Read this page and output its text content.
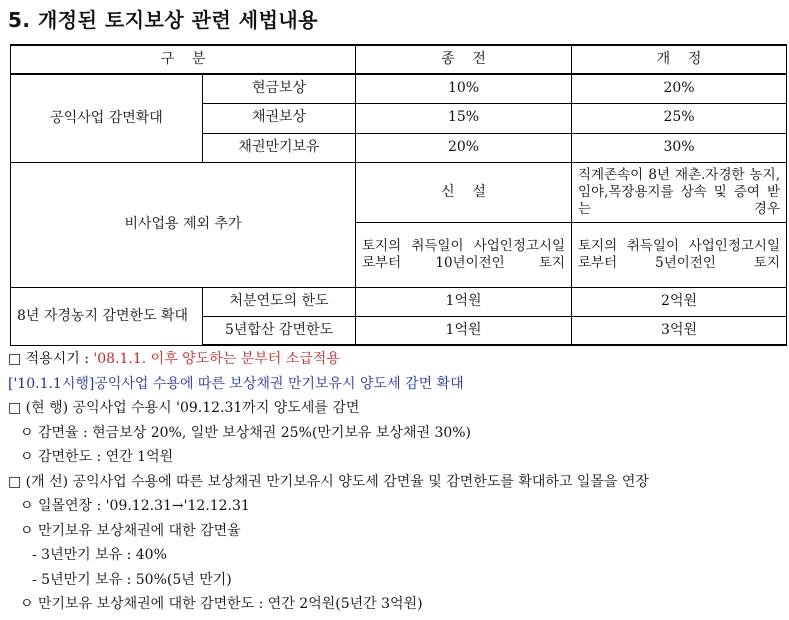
5. 개정된 토지보상 관련 세법내용
구    분		종    전	개    정
공익사업 감면확대	현금보상	10%	20%
	채권보상	15%	25%
	채권만기보유	20%	30%
비사업용 제외 추가		신    설	직계존속이 8년 재촌.자경한 농지,임야,목장용지를 상속 및 증여 받는 경우
		토지의 취득일이 사업인정고시일로부터 10년이전인 토지	토지의 취득일이 사업인정고시일로부터 5년이전인 토지
8년 자경농지 감면한도 확대	처분연도의 한도	1억원	2억원
	5년합산 감면한도	1억원	3억원
□ 적용시기 : '08.1.1. 이후 양도하는 분부터 소급적용
['10.1.1시행]공익사업 수용에 따른 보상채권 만기보유시 양도세 감면 확대
□ (현 행) 공익사업 수용시 '09.12.31까지 양도세를 감면
ㅇ 감면율 : 현금보상 20%, 일반 보상채권 25%(만기보유 보상채권 30%)
ㅇ 감면한도 : 연간 1억원
□ (개 선) 공익사업 수용에 따른 보상채권 만기보유시 양도세 감면율 및 감면한도를 확대하고 일몰을 연장
ㅇ 일몰연장 : '09.12.31→'12.12.31
ㅇ 만기보유 보상채권에 대한 감면율
- 3년만기 보유 : 40%
- 5년만기 보유 : 50%(5년 만기)
ㅇ 만기보유 보상채권에 대한 감면한도 : 연간 2억원(5년간 3억원)
